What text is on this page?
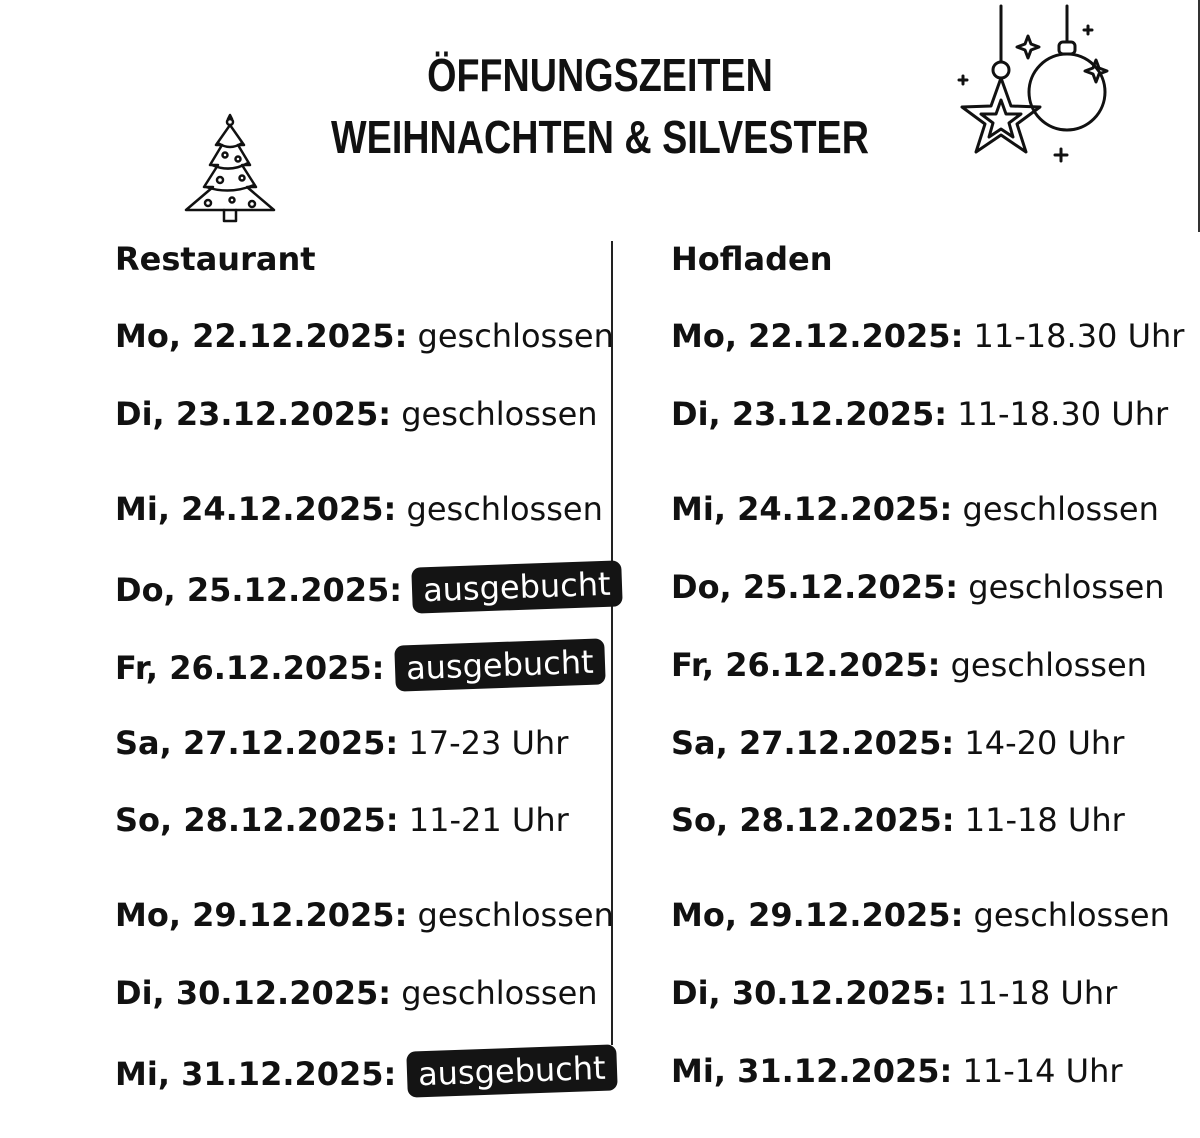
ÖFFNUNGSZEITEN
WEIHNACHTEN & SILVESTER
Restaurant
Mo, 22.12.2025: geschlossen
Di, 23.12.2025: geschlossen
Mi, 24.12.2025: geschlossen
Do, 25.12.2025: ausgebucht
Fr, 26.12.2025: ausgebucht
Sa, 27.12.2025: 17-23 Uhr
So, 28.12.2025: 11-21 Uhr
Mo, 29.12.2025: geschlossen
Di, 30.12.2025: geschlossen
Mi, 31.12.2025: ausgebucht
Hofladen
Mo, 22.12.2025: 11-18.30 Uhr
Di, 23.12.2025: 11-18.30 Uhr
Mi, 24.12.2025: geschlossen
Do, 25.12.2025: geschlossen
Fr, 26.12.2025: geschlossen
Sa, 27.12.2025: 14-20 Uhr
So, 28.12.2025: 11-18 Uhr
Mo, 29.12.2025: geschlossen
Di, 30.12.2025: 11-18 Uhr
Mi, 31.12.2025: 11-14 Uhr
